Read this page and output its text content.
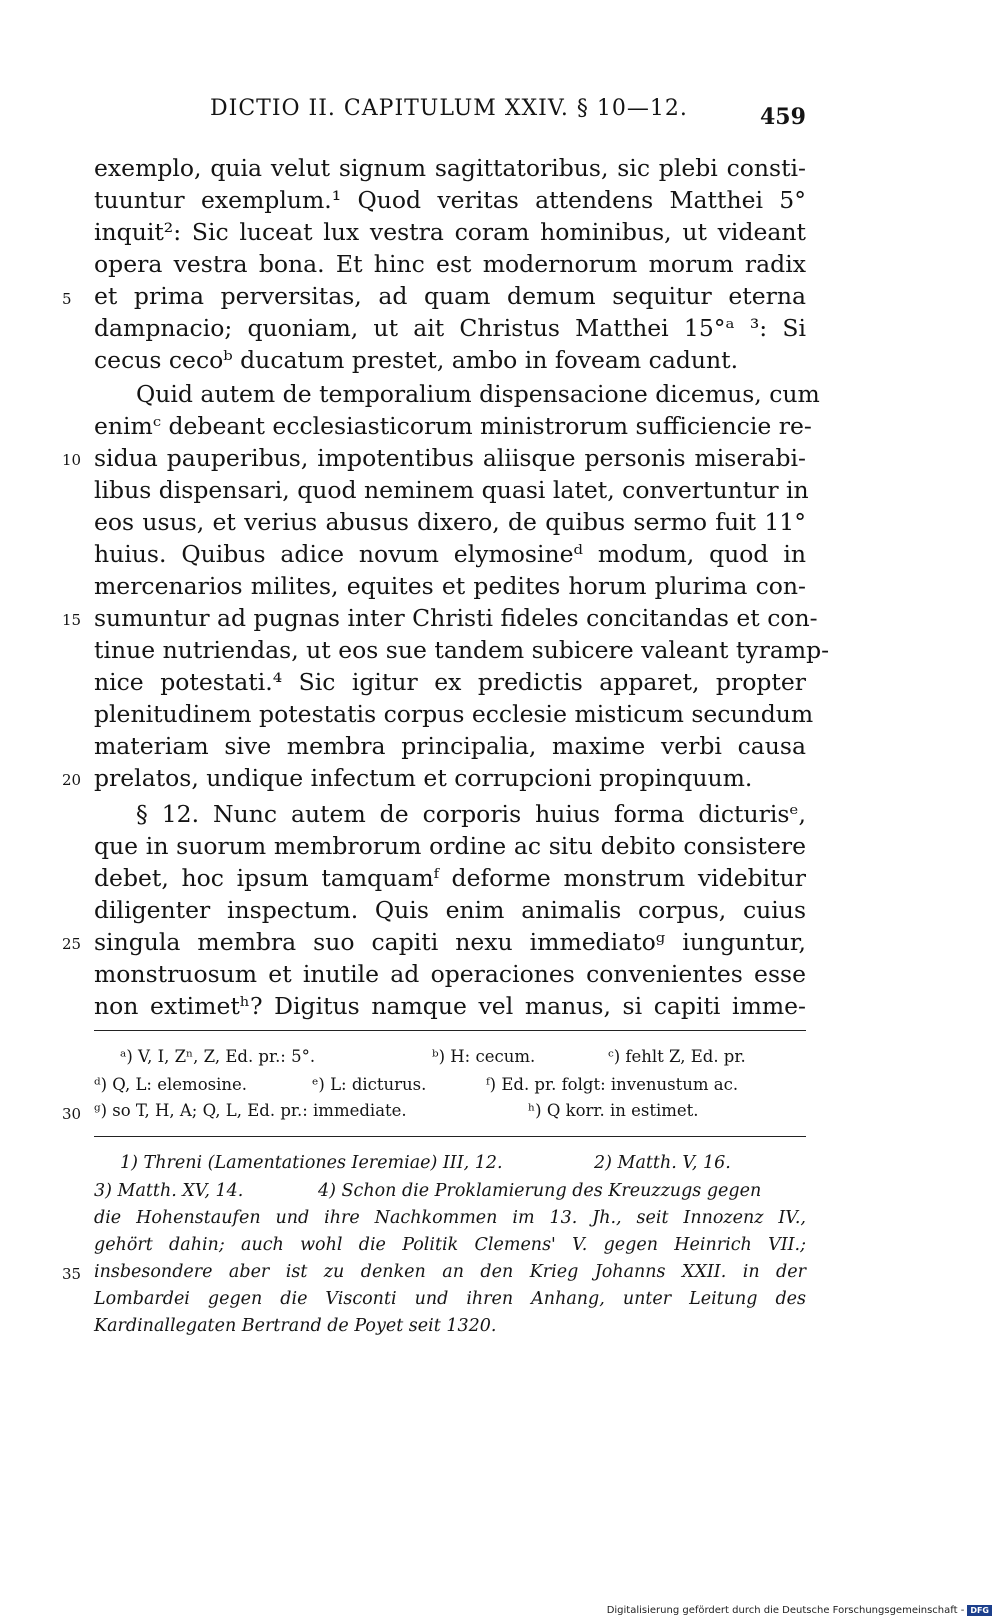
DICTIO II. CAPITULUM XXIV. § 10—12.	459
exemplo, quia velut signum sagittatoribus, sic plebi consti-
tuuntur exemplum.¹ Quod veritas attendens Matthei 5°
inquit²: Sic luceat lux vestra coram hominibus, ut videant
opera vestra bona. Et hinc est modernorum morum radix
et prima perversitas, ad quam demum sequitur eterna
dampnacio; quoniam, ut ait Christus Matthei 15°ᵃ ³: Si
cecus cecoᵇ ducatum prestet, ambo in foveam cadunt.
Quid autem de temporalium dispensacione dicemus, cum
enimᶜ debeant ecclesiasticorum ministrorum sufficiencie re-
sidua pauperibus, impotentibus aliisque personis miserabi-
libus dispensari, quod neminem quasi latet, convertuntur in
eos usus, et verius abusus dixero, de quibus sermo fuit 11°
huius. Quibus adice novum elymosineᵈ modum, quod in
mercenarios milites, equites et pedites horum plurima con-
sumuntur ad pugnas inter Christi fideles concitandas et con-
tinue nutriendas, ut eos sue tandem subicere valeant tyramp-
nice potestati.⁴ Sic igitur ex predictis apparet, propter
plenitudinem potestatis corpus ecclesie misticum secundum
materiam sive membra principalia, maxime verbi causa
prelatos, undique infectum et corrupcioni propinquum.
§ 12. Nunc autem de corporis huius forma dicturisᵉ,
que in suorum membrorum ordine ac situ debito consistere
debet, hoc ipsum tamquamᶠ deforme monstrum videbitur
diligenter inspectum. Quis enim animalis corpus, cuius
singula membra suo capiti nexu immediatoᵍ iunguntur,
monstruosum et inutile ad operaciones convenientes esse
non extimetʰ? Digitus namque vel manus, si capiti imme-
5
10
15
20
25
30
35
ᵃ) V, I, Zⁿ, Z, Ed. pr.: 5°.	ᵇ) H: cecum.	ᶜ) fehlt Z, Ed. pr.
ᵈ) Q, L: elemosine.	ᵉ) L: dicturus.	ᶠ) Ed. pr. folgt: invenustum ac.
ᵍ) so T, H, A; Q, L, Ed. pr.: immediate.	ʰ) Q korr. in estimet.
1) Threni (Lamentationes Ieremiae) III, 12.	2) Matth. V, 16.
3) Matth. XV, 14.	4) Schon die Proklamierung des Kreuzzugs gegen
die Hohenstaufen und ihre Nachkommen im 13. Jh., seit Innozenz IV.,
gehört dahin; auch wohl die Politik Clemens' V. gegen Heinrich VII.;
insbesondere aber ist zu denken an den Krieg Johanns XXII. in der
Lombardei gegen die Visconti und ihren Anhang, unter Leitung des
Kardinallegaten Bertrand de Poyet seit 1320.
Digitalisierung gefördert durch die Deutsche Forschungsgemeinschaft - DFG
